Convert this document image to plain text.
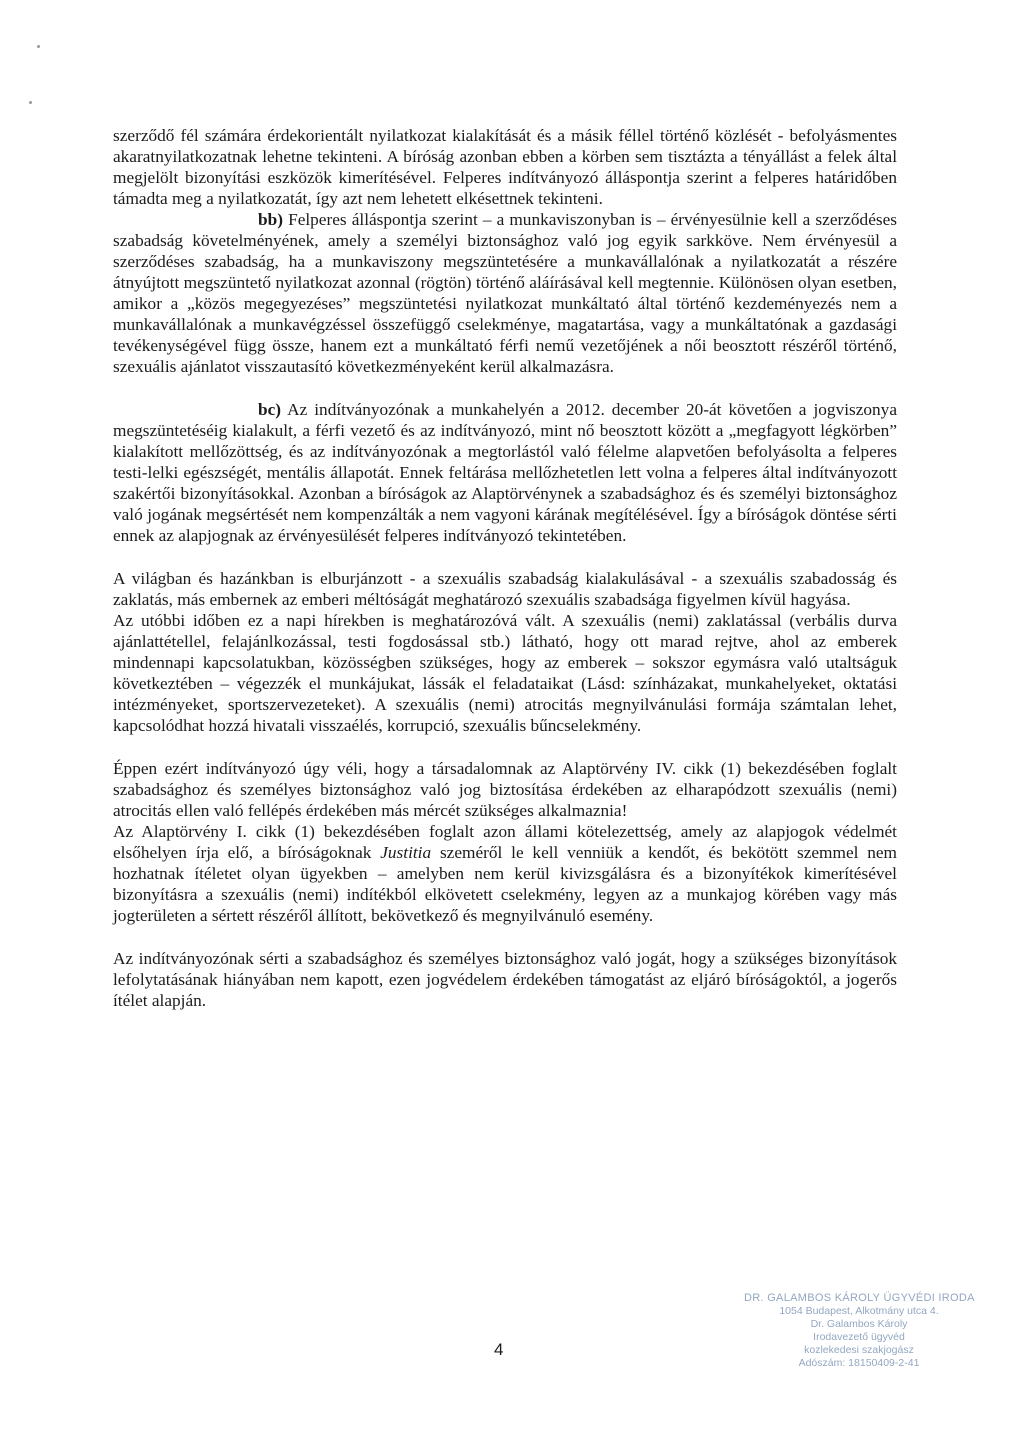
szerződő fél számára érdekorientált nyilatkozat kialakítását és a másik féllel történő közlését - befolyásmentes akaratnyilatkozatnak lehetne tekinteni. A bíróság azonban ebben a körben sem tisztázta a tényállást a felek által megjelölt bizonyítási eszközök kimerítésével. Felperes indítványozó álláspontja szerint a felperes határidőben támadta meg a nyilatkozatát, így azt nem lehetett elkésettnek tekinteni.

bb) Felperes álláspontja szerint – a munkaviszonyban is – érvényesülnie kell a szerződéses szabadság követelményének, amely a személyi biztonsághoz való jog egyik sarkköve. Nem érvényesül a szerződéses szabadság, ha a munkaviszony megszüntetésére a munkavállalónak a nyilatkozatát a részére átnyújtott megszüntető nyilatkozat azonnal (rögtön) történő aláírásával kell megtennie. Különösen olyan esetben, amikor a „közös megegyezéses” megszüntetési nyilatkozat munkáltató által történő kezdeményezés nem a munkavállalónak a munkavégzéssel összefüggő cselekménye, magatartása, vagy a munkáltatónak a gazdasági tevékenységével függ össze, hanem ezt a munkáltató férfi nemű vezetőjének a női beosztott részéről történő, szexuális ajánlatot visszautasító következményeként kerül alkalmazásra.

bc) Az indítványozónak a munkahelyén a 2012. december 20-át követően a jogviszonya megszüntetéséig kialakult, a férfi vezető és az indítványozó, mint nő beosztott között a „megfagyott légkörben” kialakított mellőzöttség, és az indítványozónak a megtorlástól való félelme alapvetően befolyásolta a felperes testi-lelki egészségét, mentális állapotát. Ennek feltárása mellőzhetetlen lett volna a felperes által indítványozott szakértői bizonyításokkal. Azonban a bíróságok az Alaptörvénynek a szabadsághoz és és személyi biztonsághoz való jogának megsértését nem kompenzálták a nem vagyoni kárának megítélésével. Így a bíróságok döntése sérti ennek az alapjognak az érvényesülését felperes indítványozó tekintetében.

A világban és hazánkban is elburjánzott - a szexuális szabadság kialakulásával - a szexuális szabadosság és zaklatás, más embernek az emberi méltóságát meghatározó szexuális szabadsága figyelmen kívül hagyása.

Az utóbbi időben ez a napi hírekben is meghatározóvá vált. A szexuális (nemi) zaklatással (verbális durva ajánlattétellel, felajánlkozással, testi fogdosással stb.) látható, hogy ott marad rejtve, ahol az emberek mindennapi kapcsolatukban, közösségben szükséges, hogy az emberek – sokszor egymásra való utaltságuk következtében – végezzék el munkájukat, lássák el feladataikat (Lásd: színházakat, munkahelyeket, oktatási intézményeket, sportszervezeteket). A szexuális (nemi) atrocitás megnyilvánulási formája számtalan lehet, kapcsolódhat hozzá hivatali visszaélés, korrupció, szexuális bűncselekmény.

Éppen ezért indítványozó úgy véli, hogy a társadalomnak az Alaptörvény IV. cikk (1) bekezdésében foglalt szabadsághoz és személyes biztonsághoz való jog biztosítása érdekében az elharapódzott szexuális (nemi) atrocitás ellen való fellépés érdekében más mércét szükséges alkalmaznia!

Az Alaptörvény I. cikk (1) bekezdésében foglalt azon állami kötelezettség, amely az alapjogok védelmét elsőhelyen írja elő, a bíróságoknak Justitia szeméről le kell venniük a kendőt, és bekötött szemmel nem hozhatnak ítéletet olyan ügyekben – amelyben nem kerül kivizsgálásra és a bizonyítékok kimerítésével bizonyításra a szexuális (nemi) indítékból elkövetett cselekmény, legyen az a munkajog körében vagy más jogterületen a sértett részéről állított, bekövetkező és megnyilvánuló esemény.

Az indítványozónak sérti a szabadsághoz és személyes biztonsághoz való jogát, hogy a szükséges bizonyítások lefolytatásának hiányában nem kapott, ezen jogvédelem érdekében támogatást az eljáró bíróságoktól, a jogerős ítélet alapján.

4
DR. GALAMBOS KÁROLY ÜGYVÉDI IRODA
1054 Budapest, Alkotmány utca 4.
Dr. Galambos Károly
Irodavezető ügyvéd
kozlekedesi szakjogász
Adószám: 18150409-2-41
